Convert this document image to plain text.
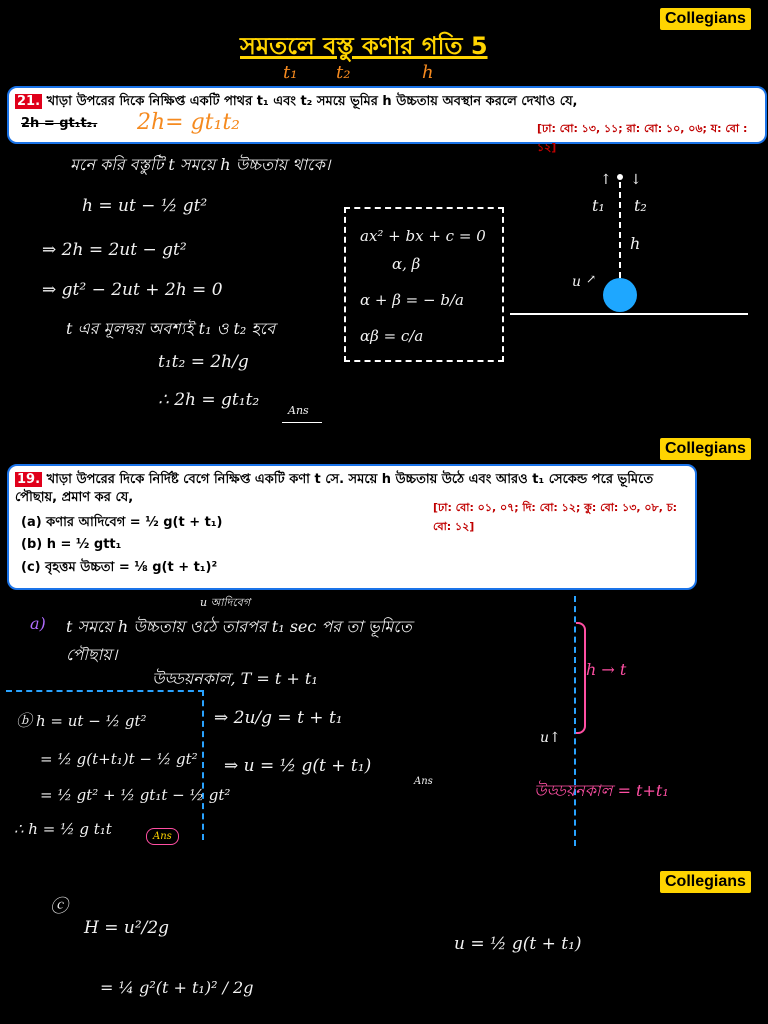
Collegians
Collegians
Collegians
সমতলে বস্তু কণার গতি 5
t₁ t₂	h
21. খাড়া উপরের দিকে নিক্ষিপ্ত একটি পাথর t₁ এবং t₂ সময়ে ভূমির h উচ্চতায় অবস্থান করলে দেখাও যে,
2h = gt₁t₂.	[ঢা: বো: ১৩, ১১; রা: বো: ১০, ০৬; য: বো : ১২]
2h= gt₁t₂
মনে করি বস্তুটি t সময়ে h উচ্চতায় থাকে।
h = ut − ½ gt²
⇒ 2h = 2ut − gt²
⇒ gt² − 2ut + 2h = 0
t এর মূলদ্বয় অবশ্যই t₁ ও t₂ হবে
t₁t₂ = 2h/g
∴ 2h = gt₁t₂
Ans
ax² + bx + c = 0
α, β
α + β = − b/a
αβ = c/a
↑ ↓
t₁ t₂
h
u ↗
19. খাড়া উপরের দিকে নির্দিষ্ট বেগে নিক্ষিপ্ত একটি কণা t সে. সময়ে h উচ্চতায় উঠে এবং আরও t₁ সেকেন্ড পরে ভূমিতে পৌছায়, প্রমাণ কর যে,
[ঢা: বো: ০১, ০৭; দি: বো: ১২; কু: বো: ১৩, ০৮, চ: বো: ১২]
(a) কণার আদিবেগ = ½ g(t + t₁)
(b) h = ½ gtt₁
(c) বৃহত্তম উচ্চতা = ⅛ g(t + t₁)²
u আদিবেগ
a) t সময়ে h উচ্চতায় ওঠে তারপর t₁ sec পর তা ভূমিতে
পৌছায়।
উড্ডয়নকাল, T = t + t₁
ⓑ h = ut − ½ gt²
= ½ g(t+t₁)t − ½ gt²
= ½ gt² + ½ gt₁t − ½ gt²
∴ h = ½ g t₁t	Ans
⇒ 2u/g = t + t₁
⇒ u = ½ g(t + t₁)
Ans
h → t
u↑
উড্ডয়নকাল = t+t₁
ⓒ
H = u²/2g
= ¼ g²(t + t₁)² / 2g
u = ½ g(t + t₁)
